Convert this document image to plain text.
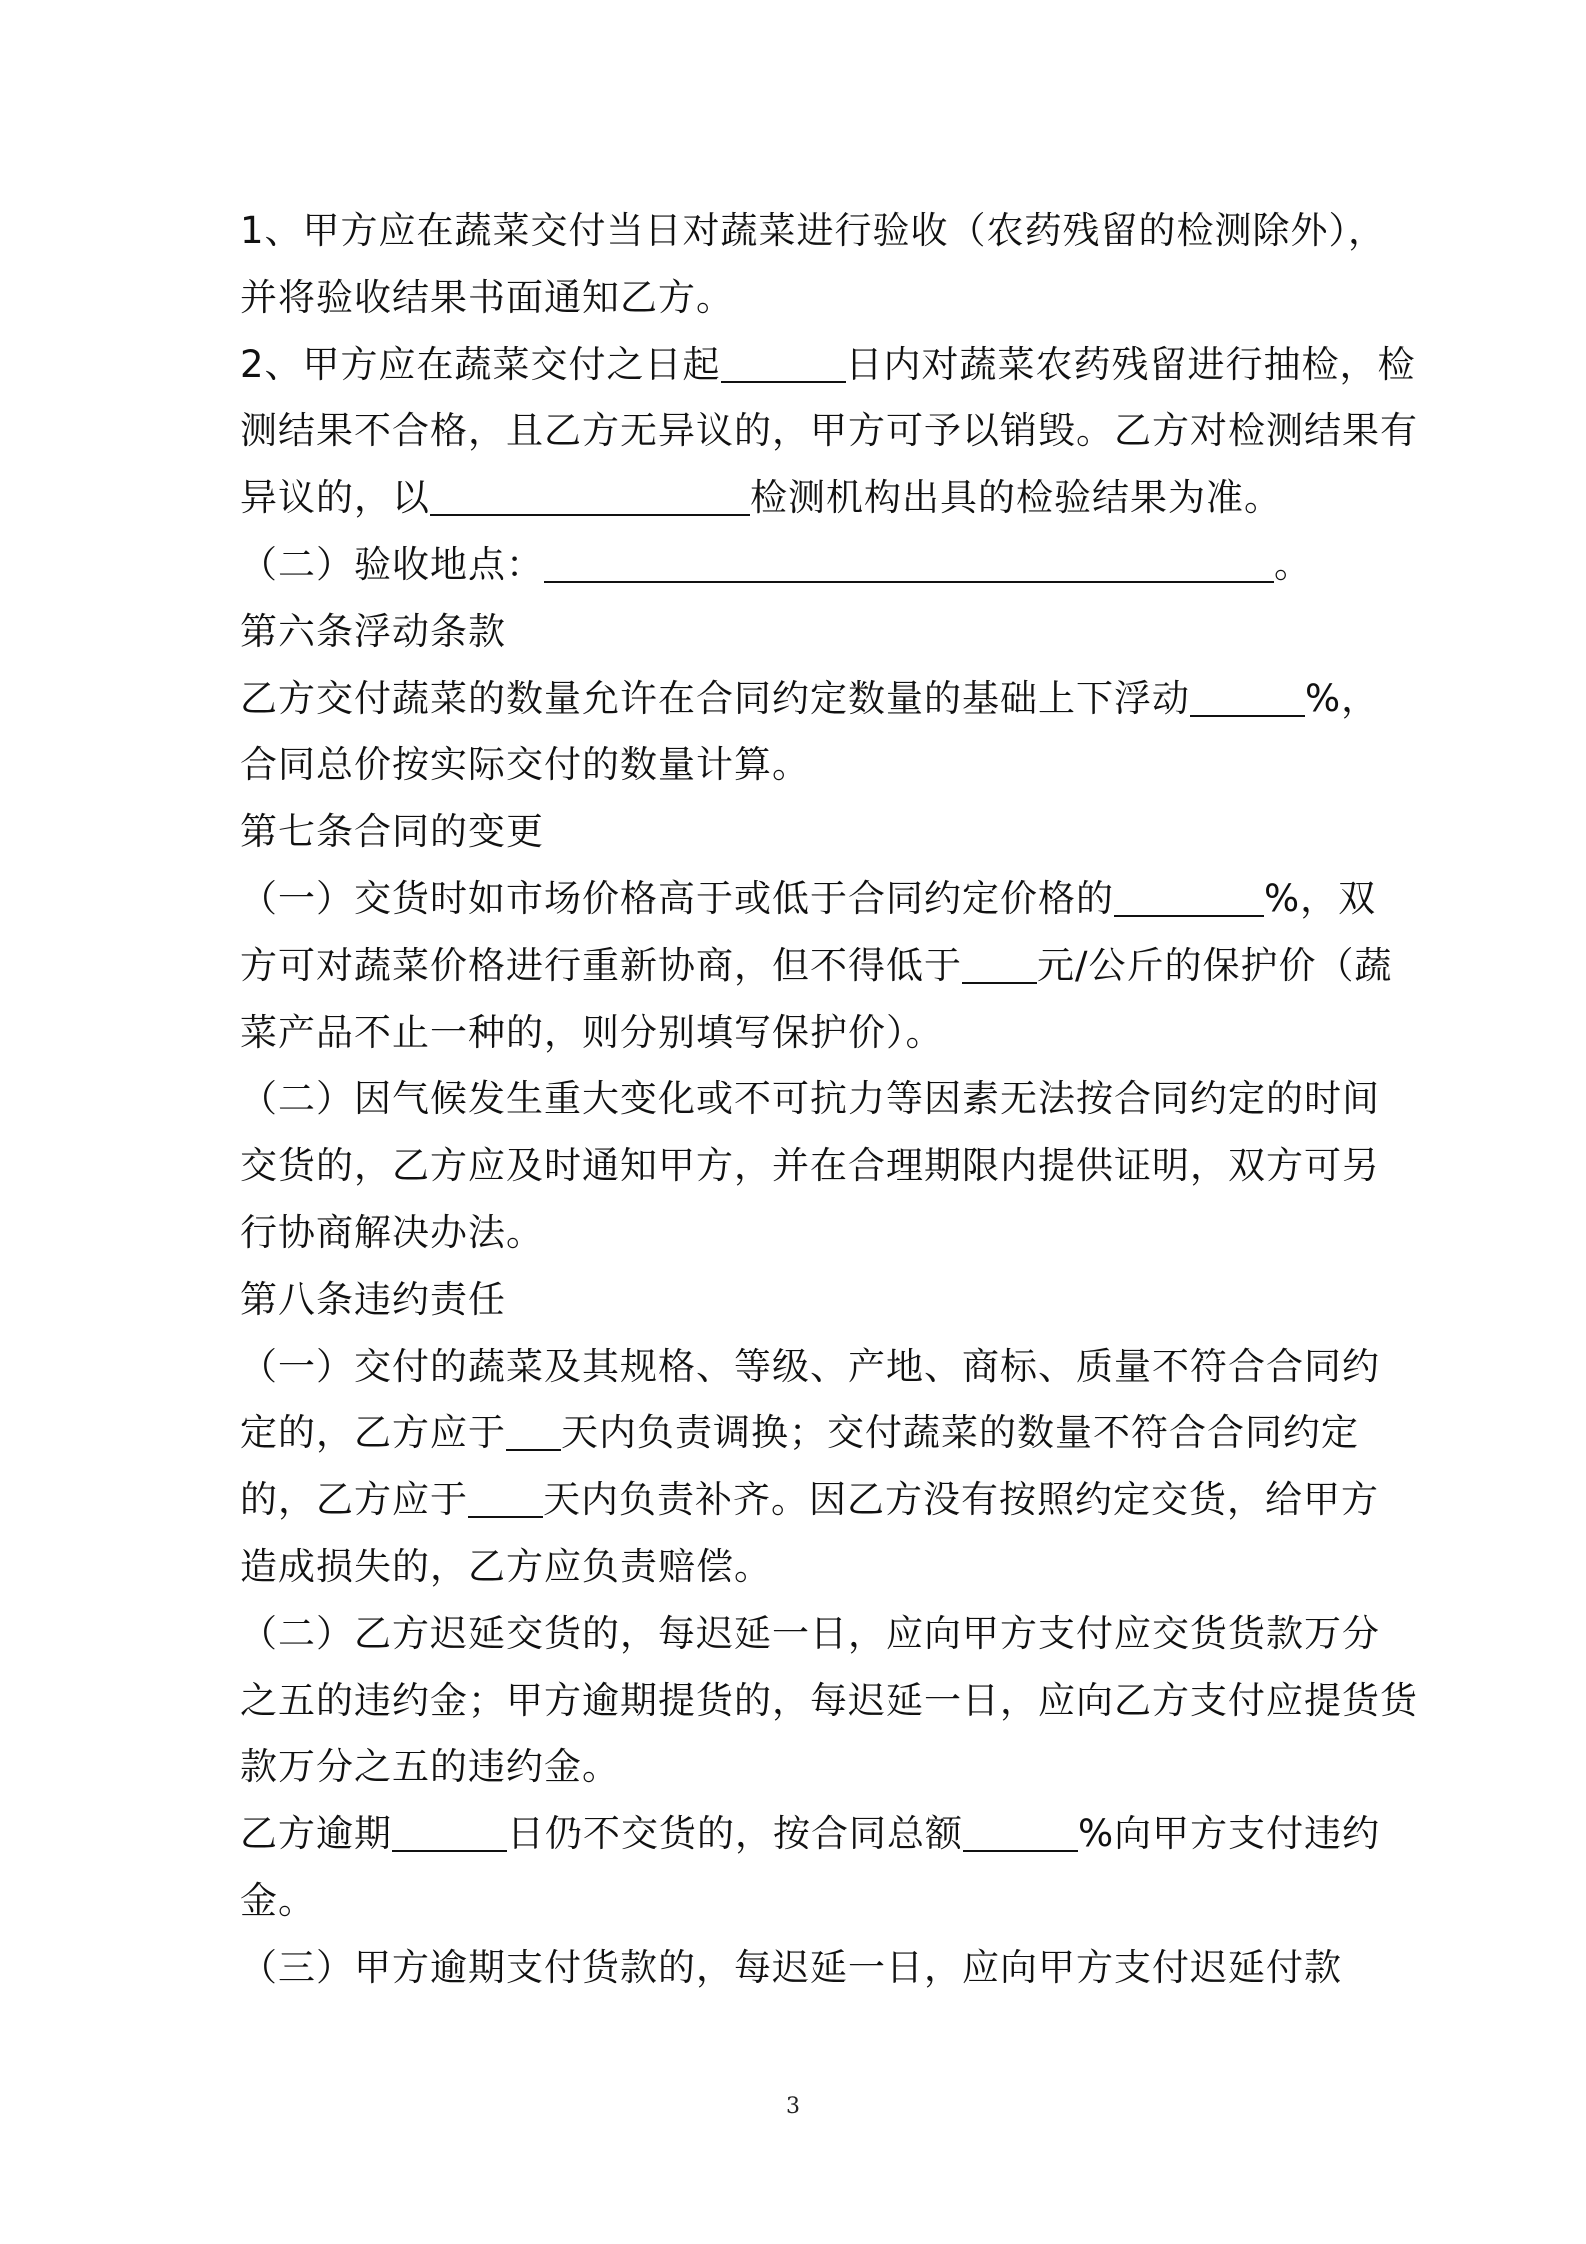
1、甲方应在蔬菜交付当日对蔬菜进行验收（农药残留的检测除外），
并将验收结果书面通知乙方。
2、甲方应在蔬菜交付之日起	日内对蔬菜农药残留进行抽检，检
测结果不合格，且乙方无异议的，甲方可予以销毁。乙方对检测结果有
异议的，以	检测机构出具的检验结果为准。
（二）验收地点：	。
第六条浮动条款
乙方交付蔬菜的数量允许在合同约定数量的基础上下浮动	%，
合同总价按实际交付的数量计算。
第七条合同的变更
（一）交货时如市场价格高于或低于合同约定价格的	%，双
方可对蔬菜价格进行重新协商，但不得低于 元/公斤的保护价（蔬
菜产品不止一种的，则分别填写保护价）。
（二）因气候发生重大变化或不可抗力等因素无法按合同约定的时间
交货的，乙方应及时通知甲方，并在合理期限内提供证明，双方可另
行协商解决办法。
第八条违约责任
（一）交付的蔬菜及其规格、等级、产地、商标、质量不符合合同约
定的，乙方应于 天内负责调换；交付蔬菜的数量不符合合同约定
的，乙方应于 天内负责补齐。因乙方没有按照约定交货，给甲方
造成损失的，乙方应负责赔偿。
（二）乙方迟延交货的，每迟延一日，应向甲方支付应交货货款万分
之五的违约金；甲方逾期提货的，每迟延一日，应向乙方支付应提货货
款万分之五的违约金。
乙方逾期	日仍不交货的，按合同总额	%向甲方支付违约
金。
（三）甲方逾期支付货款的，每迟延一日，应向甲方支付迟延付款
3
